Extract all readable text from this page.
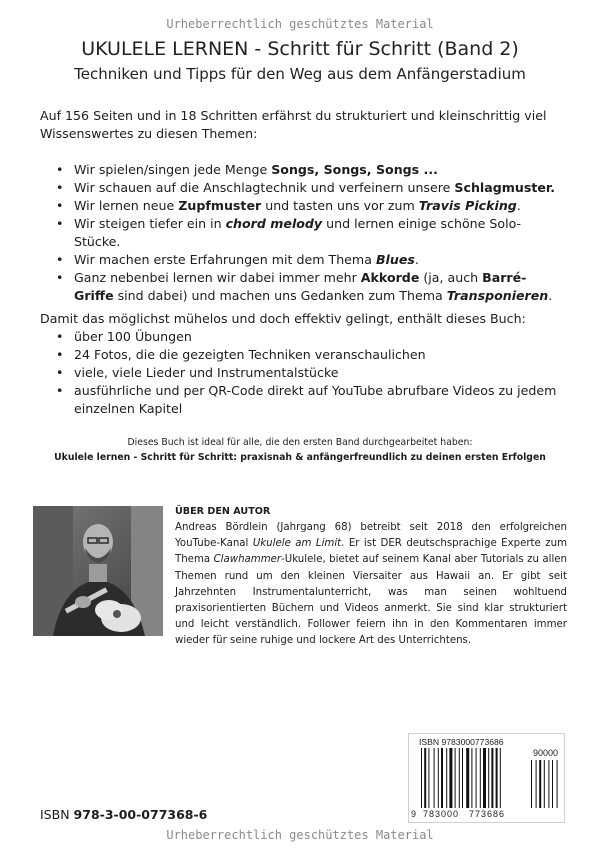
Urheberrechtlich geschütztes Material
UKULELE LERNEN - Schritt für Schritt (Band 2)
Techniken und Tipps für den Weg aus dem Anfängerstadium

Auf 156 Seiten und in 18 Schritten erfährst du strukturiert und kleinschrittig viel Wissenswertes zu diesen Themen:

• Wir spielen/singen jede Menge Songs, Songs, Songs ...
• Wir schauen auf die Anschlagtechnik und verfeinern unsere Schlagmuster.
• Wir lernen neue Zupfmuster und tasten uns vor zum Travis Picking.
• Wir steigen tiefer ein in chord melody und lernen einige schöne Solo-Stücke.
• Wir machen erste Erfahrungen mit dem Thema Blues.
• Ganz nebenbei lernen wir dabei immer mehr Akkorde (ja, auch Barré-Griffe sind dabei) und machen uns Gedanken zum Thema Transponieren.

Damit das möglichst mühelos und doch effektiv gelingt, enthält dieses Buch:

• über 100 Übungen
• 24 Fotos, die die gezeigten Techniken veranschaulichen
• viele, viele Lieder und Instrumentalstücke
• ausführliche und per QR-Code direkt auf YouTube abrufbare Videos zu jedem einzelnen Kapitel
Dieses Buch ist ideal für alle, die den ersten Band durchgearbeitet haben:
Ukulele lernen - Schritt für Schritt: praxisnah & anfängerfreundlich zu deinen ersten Erfolgen
ÜBER DEN AUTOR

Andreas Bördlein (Jahrgang 68) betreibt seit 2018 den erfolgreichen YouTube-Kanal Ukulele am Limit. Er ist DER deutschsprachige Experte zum Thema Clawhammer-Ukulele, bietet auf seinem Kanal aber Tutorials zu allen Themen rund um den kleinen Viersaiter aus Hawaii an. Er gibt seit Jahrzehnten Instrumentalunterricht, was man seinen wohltuend praxisorientierten Büchern und Videos anmerkt. Sie sind klar strukturiert und leicht verständlich. Follower feiern ihn in den Kommentaren immer wieder für seine ruhige und lockere Art des Unterrichtens.

ISBN 978-3-00-077368-6
ISBN 9783000773686
90000
9 783000 773686
Urheberrechtlich geschütztes Material
